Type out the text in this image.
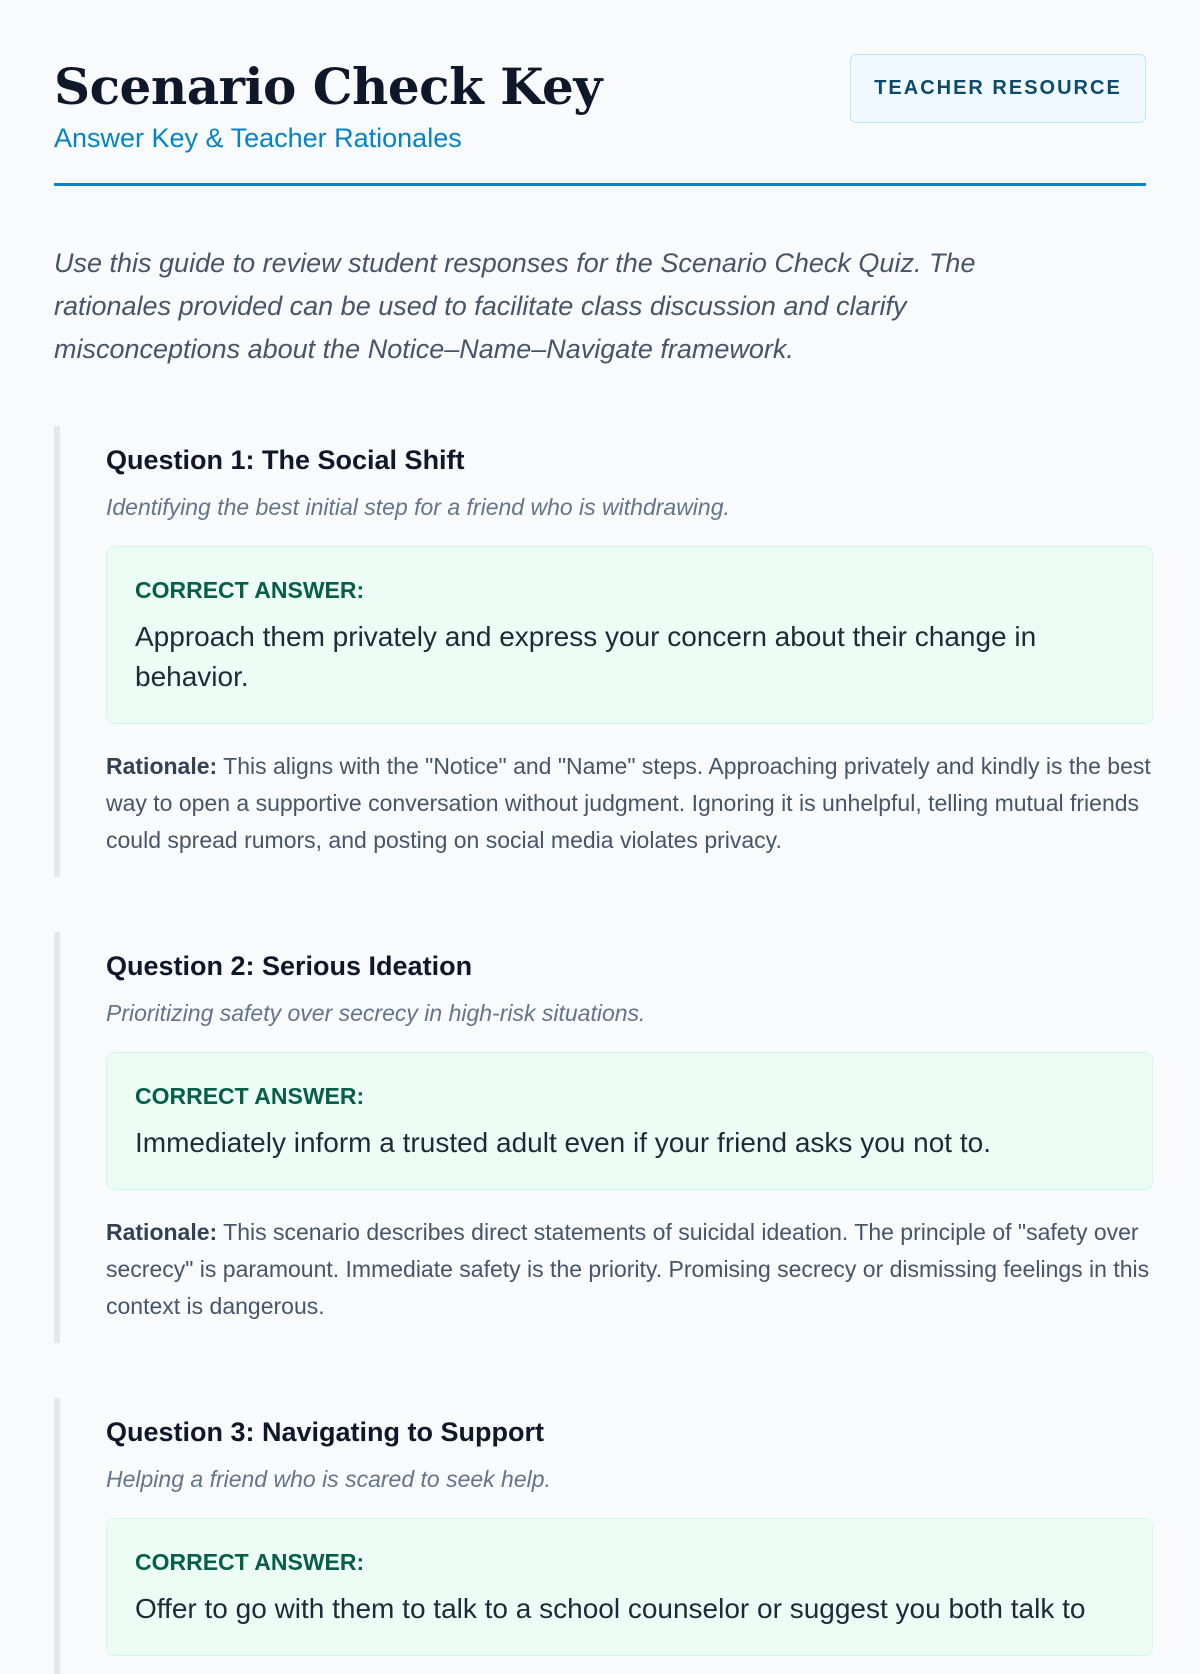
Scenario Check Key

Answer Key & Teacher Rationales

TEACHER RESOURCE

Use this guide to review student responses for the Scenario Check Quiz. The rationales provided can be used to facilitate class discussion and clarify misconceptions about the Notice–Name–Navigate framework.

Question 1: The Social Shift

Identifying the best initial step for a friend who is withdrawing.

CORRECT ANSWER:

Approach them privately and express your concern about their change in behavior.

Rationale: This aligns with the "Notice" and "Name" steps. Approaching privately and kindly is the best way to open a supportive conversation without judgment. Ignoring it is unhelpful, telling mutual friends could spread rumors, and posting on social media violates privacy.

Question 2: Serious Ideation

Prioritizing safety over secrecy in high-risk situations.

CORRECT ANSWER:

Immediately inform a trusted adult even if your friend asks you not to.

Rationale: This scenario describes direct statements of suicidal ideation. The principle of "safety over secrecy" is paramount. Immediate safety is the priority. Promising secrecy or dismissing feelings in this context is dangerous.

Question 3: Navigating to Support

Helping a friend who is scared to seek help.

CORRECT ANSWER:

Offer to go with them to talk to a school counselor or suggest you both talk to
